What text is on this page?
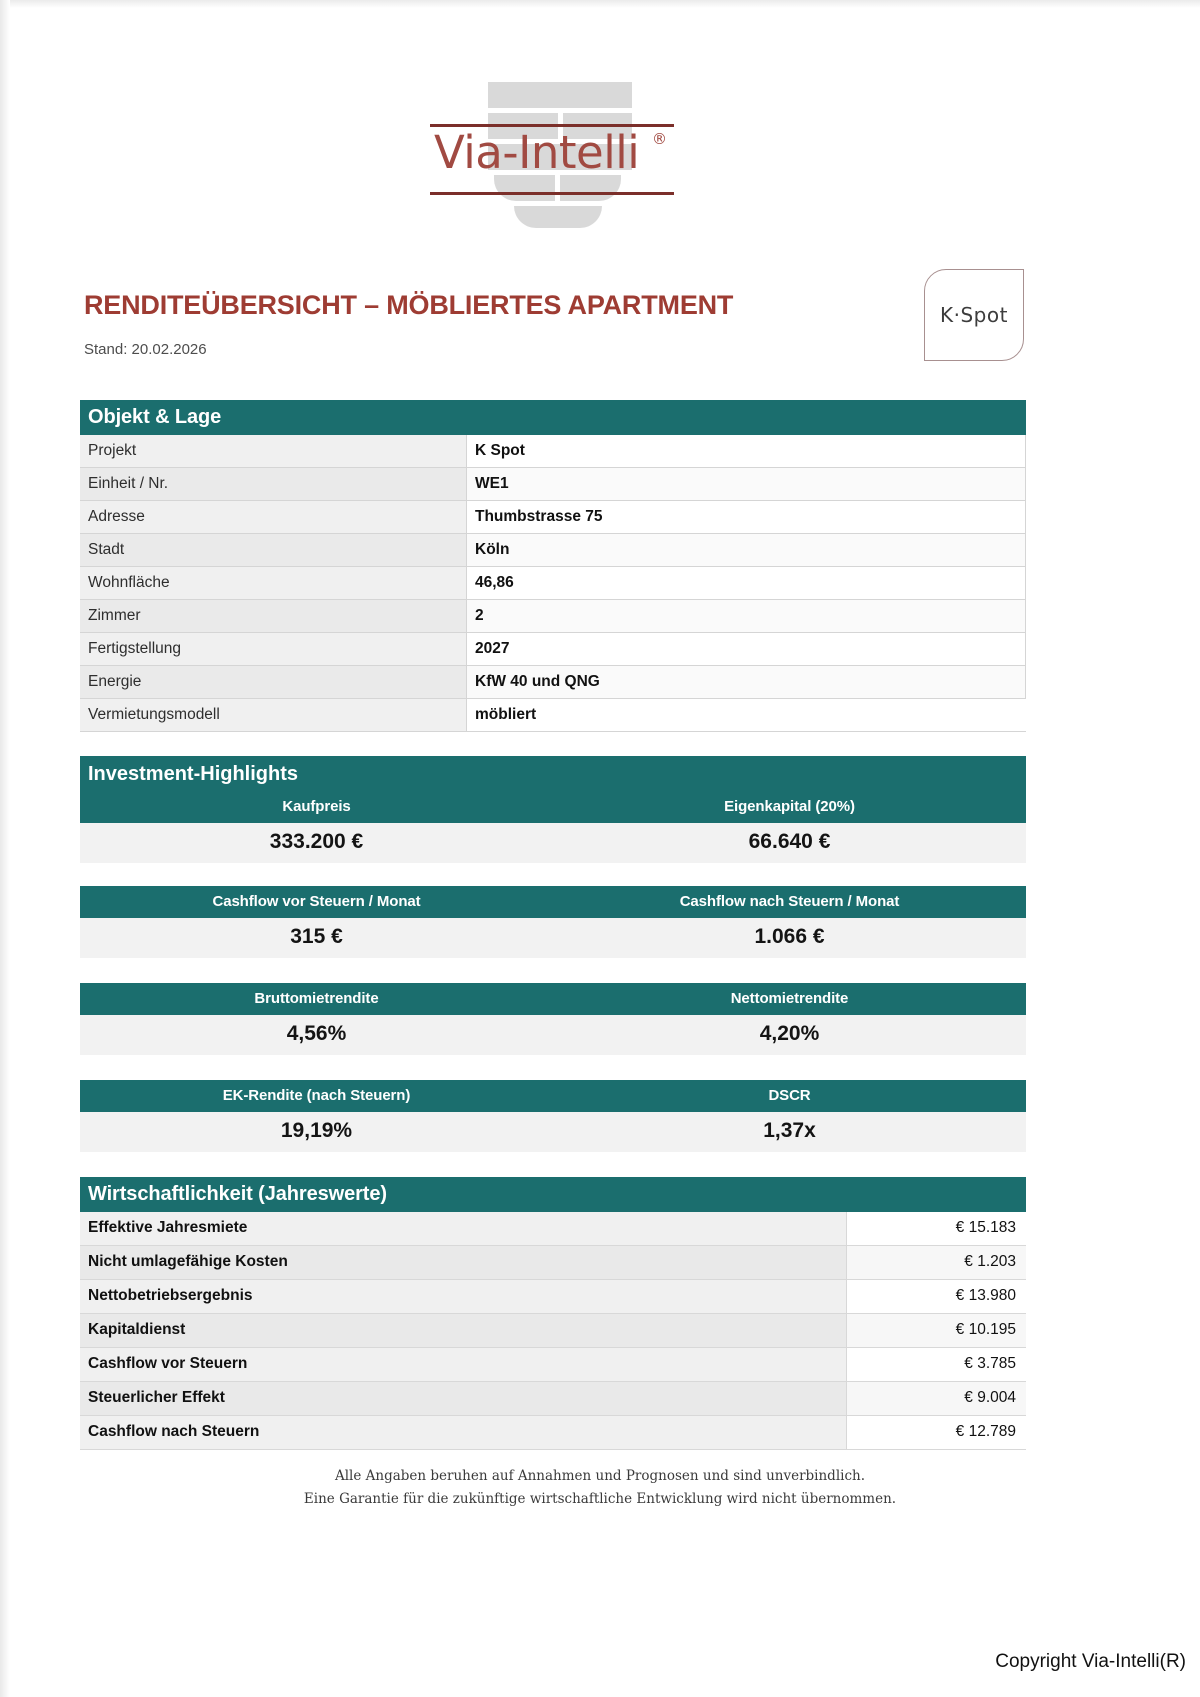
Via-Intelli ®
RENDITEÜBERSICHT – MÖBLIERTES APARTMENT
Stand: 20.02.2026
K·Spot
Objekt & Lage
Projekt	K Spot
Einheit / Nr.	WE1
Adresse	Thumbstrasse 75
Stadt	Köln
Wohnfläche	46,86
Zimmer	2
Fertigstellung	2027
Energie	KfW 40 und QNG
Vermietungsmodell	möbliert
Investment-Highlights
Kaufpreis	Eigenkapital (20%)
333.200 €	66.640 €
Cashflow vor Steuern / Monat	Cashflow nach Steuern / Monat
315 €	1.066 €
Bruttomietrendite	Nettomietrendite
4,56%	4,20%
EK-Rendite (nach Steuern)	DSCR
19,19%	1,37x
Wirtschaftlichkeit (Jahreswerte)
Effektive Jahresmiete	€ 15.183
Nicht umlagefähige Kosten	€ 1.203
Nettobetriebsergebnis	€ 13.980
Kapitaldienst	€ 10.195
Cashflow vor Steuern	€ 3.785
Steuerlicher Effekt	€ 9.004
Cashflow nach Steuern	€ 12.789
Alle Angaben beruhen auf Annahmen und Prognosen und sind unverbindlich.
Eine Garantie für die zukünftige wirtschaftliche Entwicklung wird nicht übernommen.
Copyright Via-Intelli(R)
